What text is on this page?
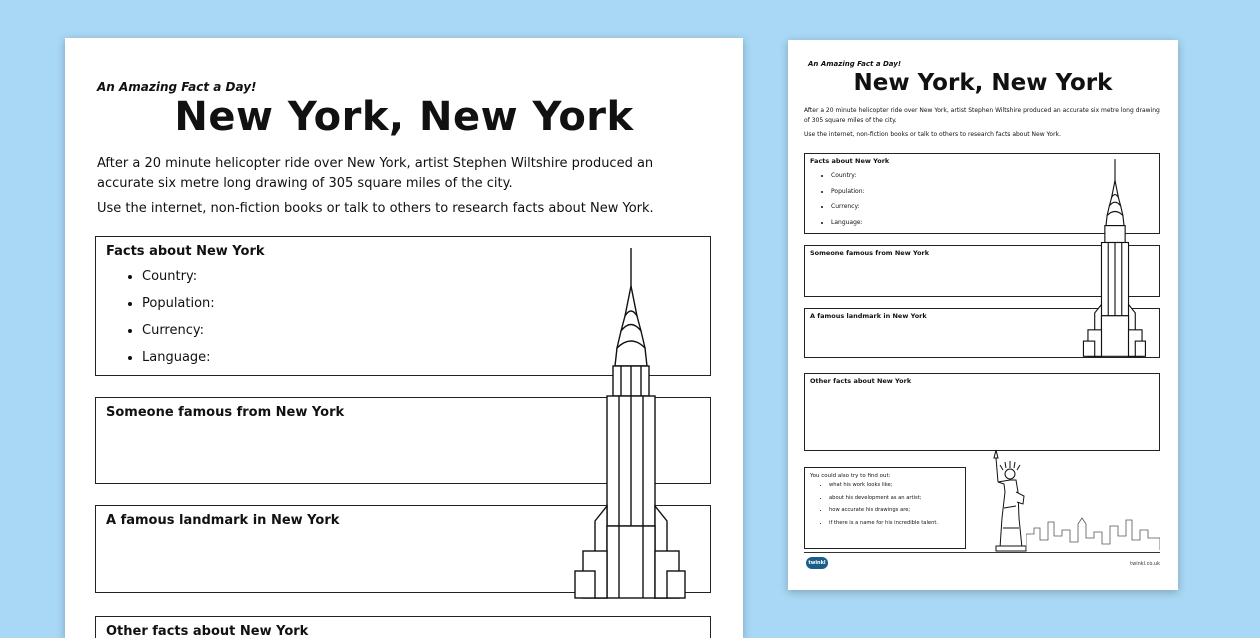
An Amazing Fact a Day!
New York, New York
After a 20 minute helicopter ride over New York, artist Stephen Wiltshire produced an accurate six metre long drawing of 305 square miles of the city.
Use the internet, non-fiction books or talk to others to research facts about New York.
Facts about New York
• Country:
• Population:
• Currency:
• Language:
Someone famous from New York
A famous landmark in New York
Other facts about New York
An Amazing Fact a Day!
New York, New York
After a 20 minute helicopter ride over New York, artist Stephen Wiltshire produced an accurate six metre long drawing of 305 square miles of the city.
Use the internet, non-fiction books or talk to others to research facts about New York.
Facts about New York
• Country:
• Population:
• Currency:
• Language:
Someone famous from New York
A famous landmark in New York
Other facts about New York
You could also try to find out:
• what his work looks like;
• about his development as an artist;
• how accurate his drawings are;
• if there is a name for his incredible talent.
twinkl	twinkl.co.uk
